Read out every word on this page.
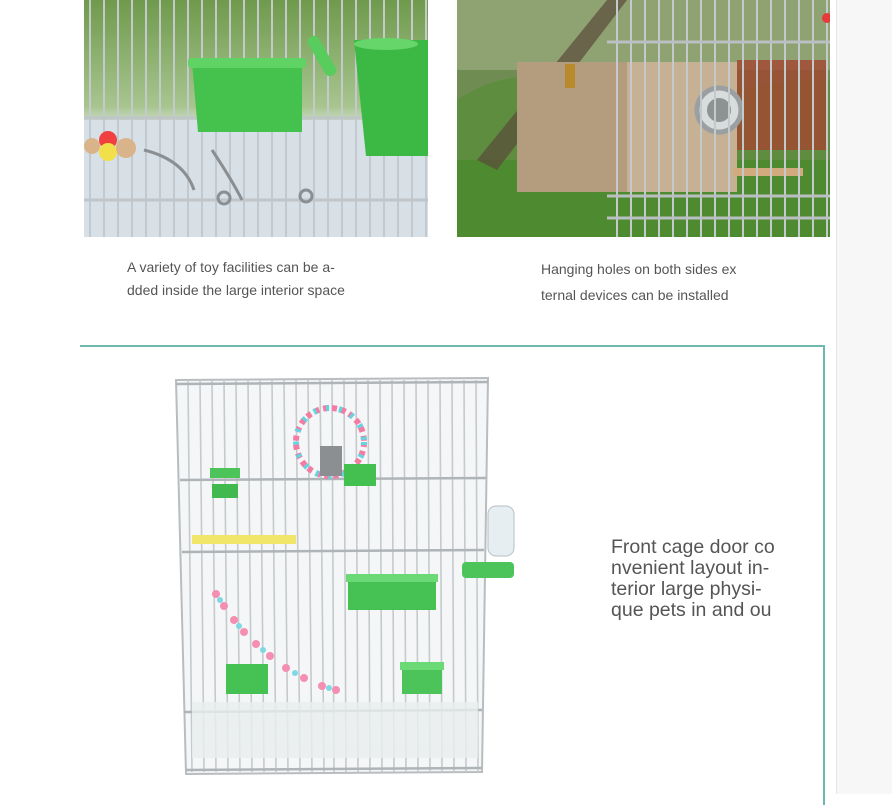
A variety of toy facilities can be a-
dded inside the large interior space
Hanging holes on both sides ex
ternal devices can be installed
Front cage door co
nvenient layout in-
terior large physi-
que pets in and ou
